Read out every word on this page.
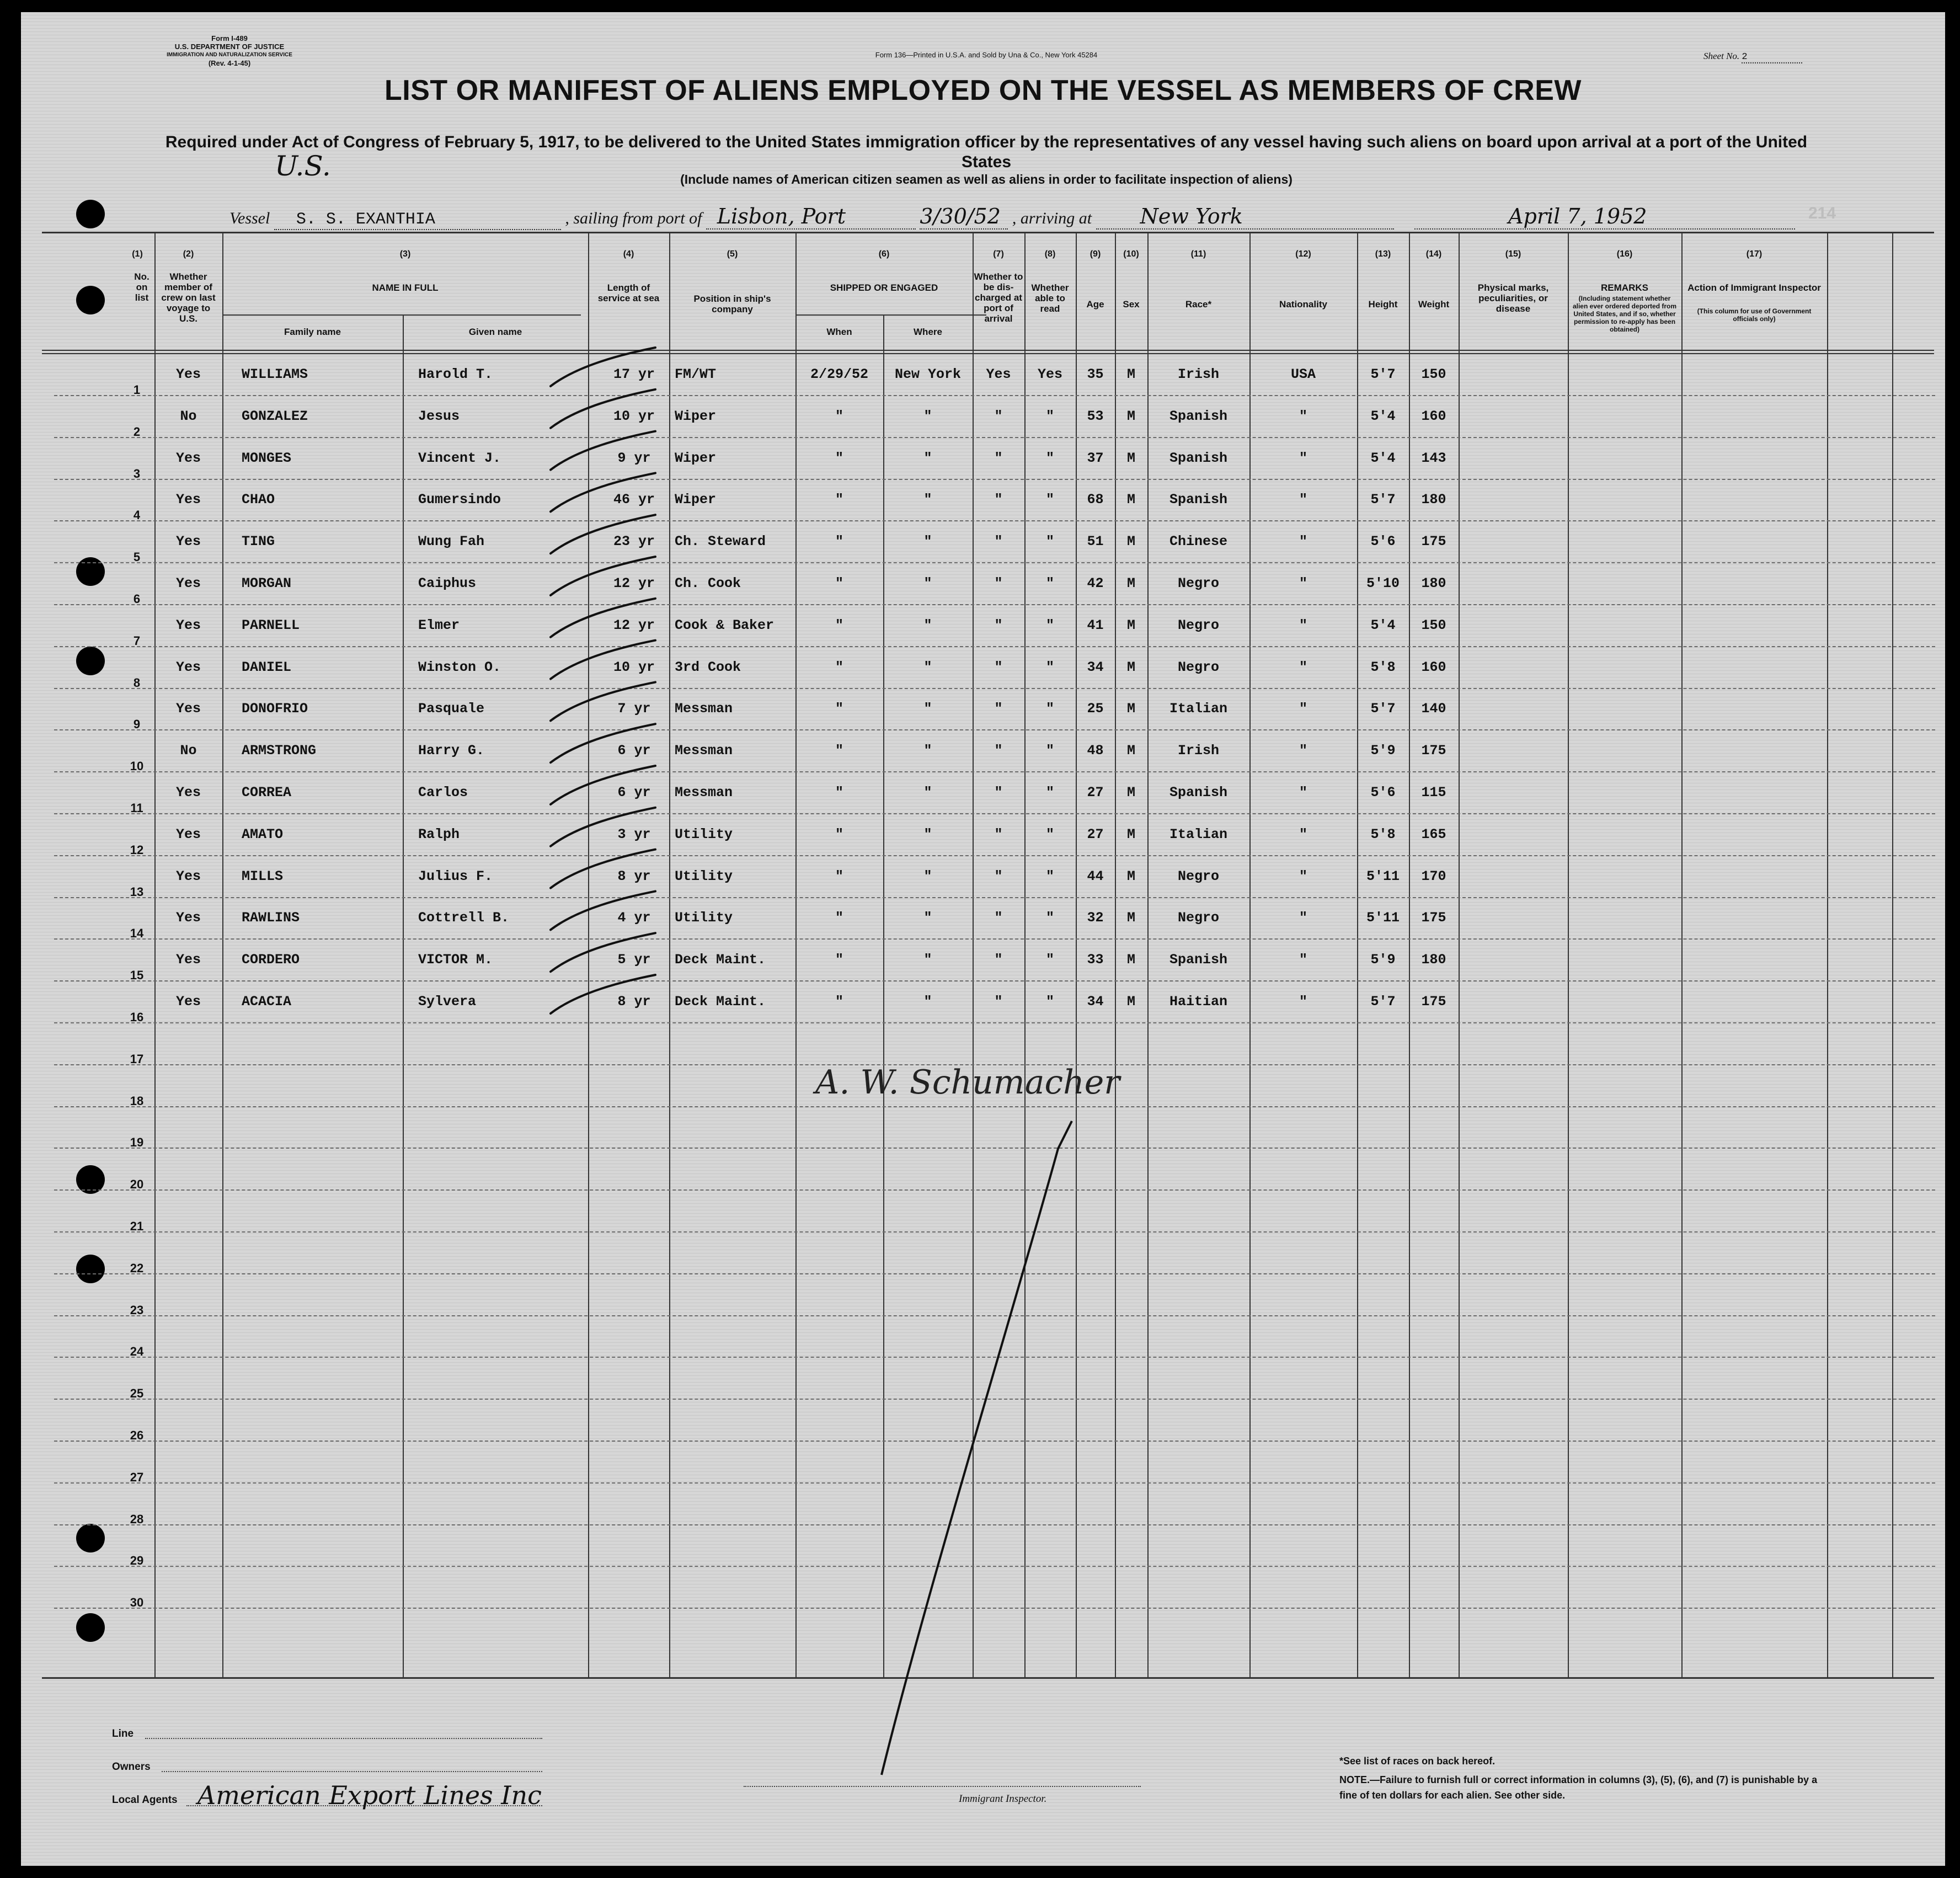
Form I-489
U.S. DEPARTMENT OF JUSTICE
IMMIGRATION AND NATURALIZATION SERVICE
(Rev. 4-1-45)
Form 136—Printed in U.S.A. and Sold by Una & Co., New York 45284	Sheet No. 2
LIST OR MANIFEST OF ALIENS EMPLOYED ON THE VESSEL AS MEMBERS OF CREW
Required under Act of Congress of February 5, 1917, to be delivered to the United States immigration officer by the representatives of any vessel having such aliens on board upon arrival at a port of the United States
(Include names of American citizen seamen as well as aliens in order to facilitate inspection of aliens)
U.S.
Vessel S. S. EXANTHIA	, sailing from port of Lisbon, Port	3/30/52 , arriving at New York	April 7, 1952	214
(1)	(2)	(3)	(4)	(5)	(6)	(7)	(8)	(9)	(10)	(11)	(12)	(13)	(14)	(15)	(16)	(17)
No. on list
Whether member of crew on last voyage to U.S.
NAME IN FULL
Family name	Given name
Length of service at sea	Position in ship's company
SHIPPED OR ENGAGED
When	Where
Whether to be dis-charged at port of arrival
Whether able to read	Age	Sex	Race*	Nationality	Height	Weight
Physical marks, peculiarities, or disease
REMARKS
(Including statement whether alien ever ordered deported from United States, and if so, whether permission to re-apply has been obtained)
Action of Immigrant Inspector
(This column for use of Government officials only)
1
Yes	WILLIAMS	Harold T.	17 yr	FM/WT	2/29/52	New York	Yes	Yes	35	M	Irish	USA	5'7	150
2
No	GONZALEZ	Jesus	10 yr	Wiper	"	"	"	"	53	M	Spanish	"	5'4	160
3
Yes	MONGES	Vincent J.	9 yr	Wiper	"	"	"	"	37	M	Spanish	"	5'4	143
4
Yes	CHAO	Gumersindo	46 yr	Wiper	"	"	"	"	68	M	Spanish	"	5'7	180
5
Yes	TING	Wung Fah	23 yr	Ch. Steward	"	"	"	"	51	M	Chinese	"	5'6	175
6
Yes	MORGAN	Caiphus	12 yr	Ch. Cook	"	"	"	"	42	M	Negro	"	5'10	180
7
Yes	PARNELL	Elmer	12 yr	Cook & Baker	"	"	"	"	41	M	Negro	"	5'4	150
8
Yes	DANIEL	Winston O.	10 yr	3rd Cook	"	"	"	"	34	M	Negro	"	5'8	160
9
Yes	DONOFRIO	Pasquale	7 yr	Messman	"	"	"	"	25	M	Italian	"	5'7	140
10
No	ARMSTRONG	Harry G.	6 yr	Messman	"	"	"	"	48	M	Irish	"	5'9	175
11
Yes	CORREA	Carlos	6 yr	Messman	"	"	"	"	27	M	Spanish	"	5'6	115
12
Yes	AMATO	Ralph	3 yr	Utility	"	"	"	"	27	M	Italian	"	5'8	165
13
Yes	MILLS	Julius F.	8 yr	Utility	"	"	"	"	44	M	Negro	"	5'11	170
14
Yes	RAWLINS	Cottrell B.	4 yr	Utility	"	"	"	"	32	M	Negro	"	5'11	175
15
Yes	CORDERO	VICTOR M.	5 yr	Deck Maint.	"	"	"	"	33	M	Spanish	"	5'9	180
16
Yes	ACACIA	Sylvera	8 yr	Deck Maint.	"	"	"	"	34	M	Haitian	"	5'7	175
17
18
19
20
21
22
23
24
25
26
27
28
29
30
A. W. Schumacher
Line
Owners
Local Agents American Export Lines Inc	Immigrant Inspector.
*See list of races on back hereof.
NOTE.—Failure to furnish full or correct information in columns (3), (5), (6), and (7) is punishable by a fine of ten dollars for each alien. See other side.
